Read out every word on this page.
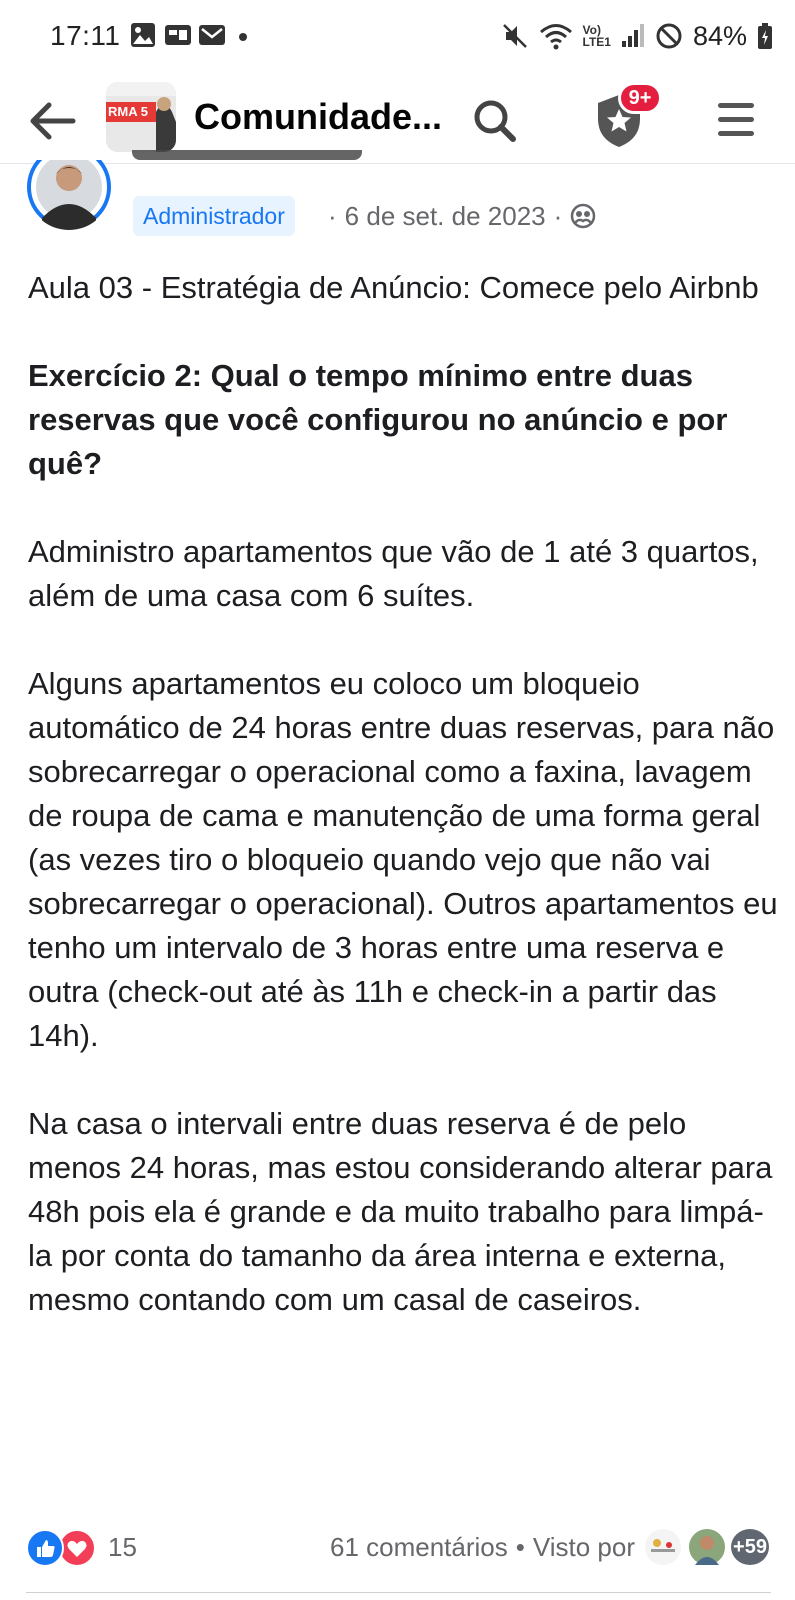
17:11	Vo)
LTE1	84%
RMA 5 Comunidade...	9+
Administrador	· 6 de set. de 2023 ·

Aula 03 - Estratégia de Anúncio: Comece pelo Airbnb

Exercício 2: Qual o tempo mínimo entre duas reservas que você configurou no anúncio e por quê?

Administro apartamentos que vão de 1 até 3 quartos, além de uma casa com 6 suítes.

Alguns apartamentos eu coloco um bloqueio automático de 24 horas entre duas reservas, para não sobrecarregar o operacional como a faxina, lavagem de roupa de cama e manutenção de uma forma geral (as vezes tiro o bloqueio quando vejo que não vai sobrecarregar o operacional). Outros apartamentos eu tenho um intervalo de 3 horas entre uma reserva e outra (check-out até às 11h e check-in a partir das 14h).

Na casa o intervali entre duas reserva é de pelo menos 24 horas, mas estou considerando alterar para 48h pois ela é grande e da muito trabalho para limpá-la por conta do tamanho da área interna e externa, mesmo contando com um casal de caseiros.

15	61 comentários • Visto por	+59
